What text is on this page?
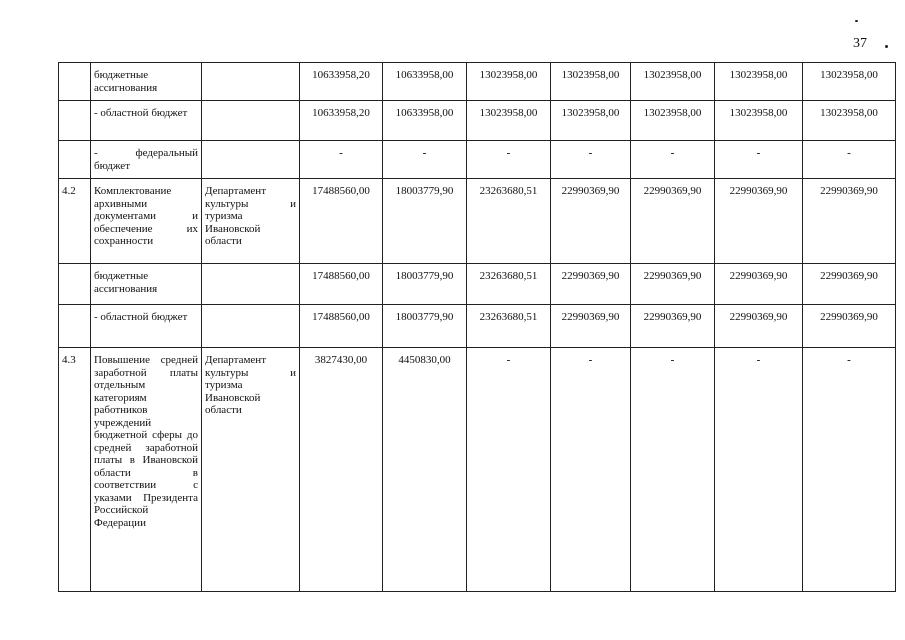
37
	бюджетные ассигнования		10633958,20	10633958,00	13023958,00	13023958,00	13023958,00	13023958,00	13023958,00
	- областной бюджет		10633958,20	10633958,00	13023958,00	13023958,00	13023958,00	13023958,00	13023958,00
	- федеральный бюджет		-	-	-	-	-	-	-
4.2	Комплектование архивными документами и обеспечение их сохранности	Департамент культуры и туризма Ивановской области	17488560,00	18003779,90	23263680,51	22990369,90	22990369,90	22990369,90	22990369,90
	бюджетные ассигнования		17488560,00	18003779,90	23263680,51	22990369,90	22990369,90	22990369,90	22990369,90
	- областной бюджет		17488560,00	18003779,90	23263680,51	22990369,90	22990369,90	22990369,90	22990369,90
4.3	Повышение средней заработной платы отдельным категориям работников учреждений бюджетной сферы до средней заработной платы в Ивановской области в соответствии с указами Президента Российской Федерации	Департамент культуры и туризма Ивановской области	3827430,00	4450830,00	-	-	-	-	-
